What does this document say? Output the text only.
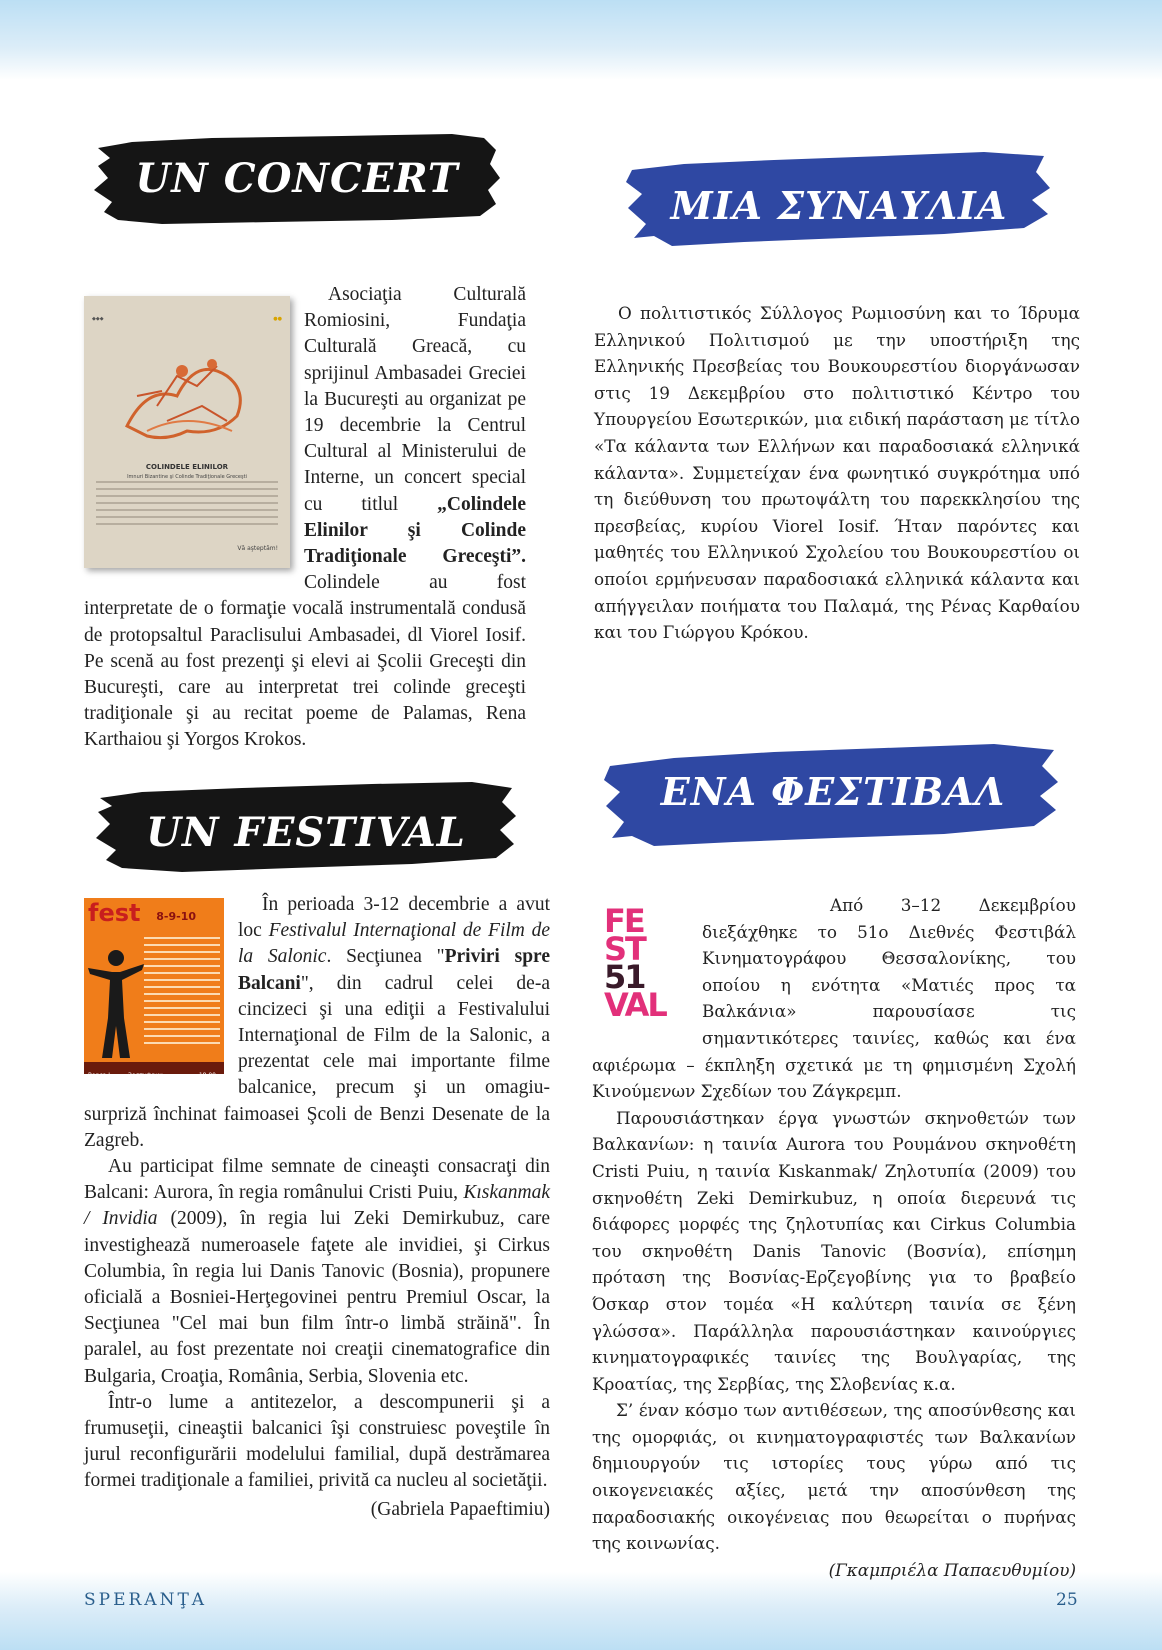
UN CONCERT
ΜΙΑ ΣΥΝΑΥΛΙΑ
UN FESTIVAL
ΕΝΑ ΦΕΣΤΙΒΑΛ
◆◆◆	●●
COLINDELE ELINILOR
Imnuri Bizantine şi Colinde Tradiţionale Greceşti
Vă aşteptăm!

Asociaţia Culturală Romiosini, Fundaţia Culturală Greacă, cu sprijinul Ambasadei Greciei la Bucureşti au organizat pe 19 decembrie la Centrul Cultural al Ministerului de Interne, un concert special cu titlul „Colindele Elinilor şi Colinde Tradiţionale Greceşti”. Colindele au fost interpretate de o formaţie vocală instrumentală condusă de protopsaltul Paraclisului Ambasadei, dl Viorel Iosif. Pe scenă au fost prezenţi şi elevi ai Şcolii Greceşti din Bucureşti, care au interpretat trei colinde greceşti tradiţionale şi au recitat poeme de Palamas, Rena Karthaiou şi Yorgos Krokos.

Ο πολιτιστικός Σύλλογος Ρωμιοσύνη και το Ίδρυμα Ελληνικού Πολιτισμού με την υποστήριξη της Ελληνικής Πρεσβείας του Βουκουρεστίου διοργάνωσαν στις 19 Δεκεμβρίου στο πολιτιστικό Κέντρο του Υπουργείου Εσωτερικών, μια ειδική παράσταση με τίτλο «Τα κάλαντα των Ελλήνων και παραδοσιακά ελληνικά κάλαντα». Συμμετείχαν ένα φωνητικό συγκρότημα υπό τη διεύθυνση του πρωτοψάλτη του παρεκκλησίου της πρεσβείας, κυρίου Viorel Iosif. Ήταν παρόντες και μαθητές του Ελληνικού Σχολείου του Βουκουρεστίου οι οποίοι ερμήνευσαν παραδοσιακά ελληνικά κάλαντα και απήγγειλαν ποιήματα του Παλαμά, της Ρένας Καρθαίου και του Γιώργου Κρόκου.

fest 8-9-10
Ropca I	Зелтуфрик	18.00

În perioada 3-12 decembrie a avut loc Festivalul Internaţional de Film de la Salonic. Secţiunea "Priviri spre Balcani", din cadrul celei de-a cincizeci şi una ediţii a Festivalului Internaţional de Film de la Salonic, a prezentat cele mai importante filme balcanice, precum şi un omagiu-surpriză închinat faimoasei Şcoli de Benzi Desenate de la Zagreb.

Au participat filme semnate de cineaşti consacraţi din Balcani: Aurora, în regia românului Cristi Puiu, Kıskanmak / Invidia (2009), în regia lui Zeki Demirkubuz, care investighează numeroasele faţete ale invidiei, şi Cirkus Columbia, în regia lui Danis Tanovic (Bosnia), propunere oficială a Bosniei-Herţegovinei pentru Premiul Oscar, la Secţiunea "Cel mai bun film într-o limbă străină". În paralel, au fost prezentate noi creaţii cinematografice din Bulgaria, Croaţia, România, Serbia, Slovenia etc.

Într-o lume a antitezelor, a descompunerii şi a frumuseţii, cineaştii balcanici îşi construiesc poveştile în jurul reconfigurării modelului familial, după destrămarea formei tradiţionale a familiei, privită ca nucleu al societăţii.

(Gabriela Papaeftimiu)

FE
ST
51
VAL

Από 3–12 Δεκεμβρίου διεξάχθηκε το 51ο Διεθνές Φεστιβάλ Κινηματογράφου Θεσσαλονίκης, του οποίου η ενότητα «Ματιές προς τα Βαλκάνια» παρουσίασε τις σημαντικότερες ταινίες, καθώς και ένα αφιέρωμα – έκπληξη σχετικά με τη φημισμένη Σχολή Κινούμενων Σχεδίων του Ζάγκρεμπ.

Παρουσιάστηκαν έργα γνωστών σκηνοθετών των Βαλκανίων: η ταινία Aurora του Ρουμάνου σκηνοθέτη Cristi Puiu, η ταινία Kıskanmak/ Ζηλοτυπία (2009) του σκηνοθέτη Zeki Demirkubuz, η οποία διερευνά τις διάφορες μορφές της ζηλοτυπίας και Cirkus Columbia του σκηνοθέτη Danis Tanovic (Βοσνία), επίσημη πρόταση της Βοσνίας-Ερζεγοβίνης για το βραβείο Όσκαρ στον τομέα «Η καλύτερη ταινία σε ξένη γλώσσα». Παράλληλα παρουσιάστηκαν καινούργιες κινηματογραφικές ταινίες της Βουλγαρίας, της Κροατίας, της Σερβίας, της Σλοβενίας κ.α.

Σ’ έναν κόσμο των αντιθέσεων, της αποσύνθεσης και της ομορφιάς, οι κινηματογραφιστές των Βαλκανίων δημιουργούν τις ιστορίες τους γύρω από τις οικογενειακές αξίες, μετά την αποσύνθεση της παραδοσιακής οικογένειας που θεωρείται ο πυρήνας της κοινωνίας.

(Γκαμπριέλα Παπαευθυμίου)

SPERANŢA	25
